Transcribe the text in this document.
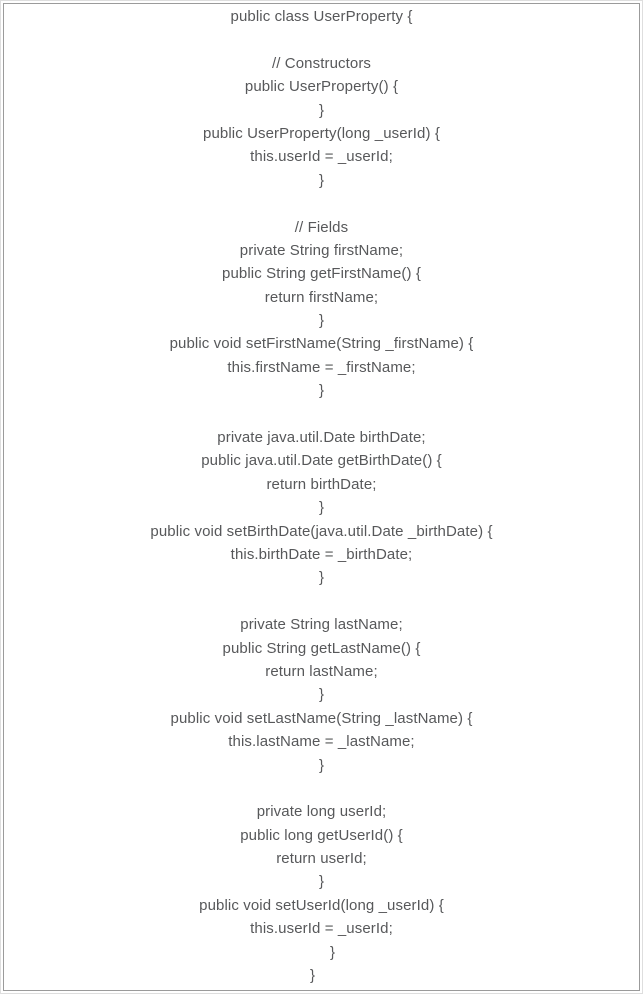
public class UserProperty {
// Constructors
public UserProperty() {
}
public UserProperty(long _userId) {
this.userId = _userId;
}
// Fields
private String firstName;
public String getFirstName() {
return firstName;
}
public void setFirstName(String _firstName) {
this.firstName = _firstName;
}
private java.util.Date birthDate;
public java.util.Date getBirthDate() {
return birthDate;
}
public void setBirthDate(java.util.Date _birthDate) {
this.birthDate = _birthDate;
}
private String lastName;
public String getLastName() {
return lastName;
}
public void setLastName(String _lastName) {
this.lastName = _lastName;
}
private long userId;
public long getUserId() {
return userId;
}
public void setUserId(long _userId) {
this.userId = _userId;
}
}
